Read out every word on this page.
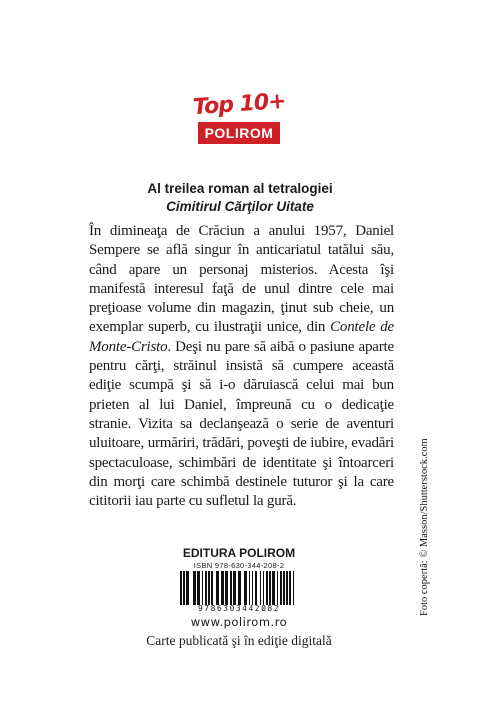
Top 10+
POLIROM
Al treilea roman al tetralogiei
Cimitirul Cărţilor Uitate
În dimineaţa de Crăciun a anului 1957, Daniel Sempere se află singur în anticariatul tatălui său, când apare un personaj misterios. Acesta îşi manifestă interesul faţă de unul dintre cele mai preţioase volume din magazin, ţinut sub cheie, un exemplar superb, cu ilustraţii unice, din Contele de Monte-Cristo. Deşi nu pare să aibă o pasiune aparte pentru cărţi, străinul insistă să cumpere această ediţie scumpă şi să i-o dăruiască celui mai bun prieten al lui Daniel, împreună cu o dedicaţie stranie. Vizita sa declanşează o serie de aventuri uluitoare, urmăriri, trădări, poveşti de iubire, evadări spectaculoase, schimbări de identitate şi întoarceri din morţi care schimbă destinele tuturor şi la care cititorii iau parte cu sufletul la gură.
EDITURA POLIROM
ISBN 978-630-344-208-2
9786303442082
www.polirom.ro
Carte publicată şi în ediţie digitală
Foto copertă: © Masson/Shutterstock.com
